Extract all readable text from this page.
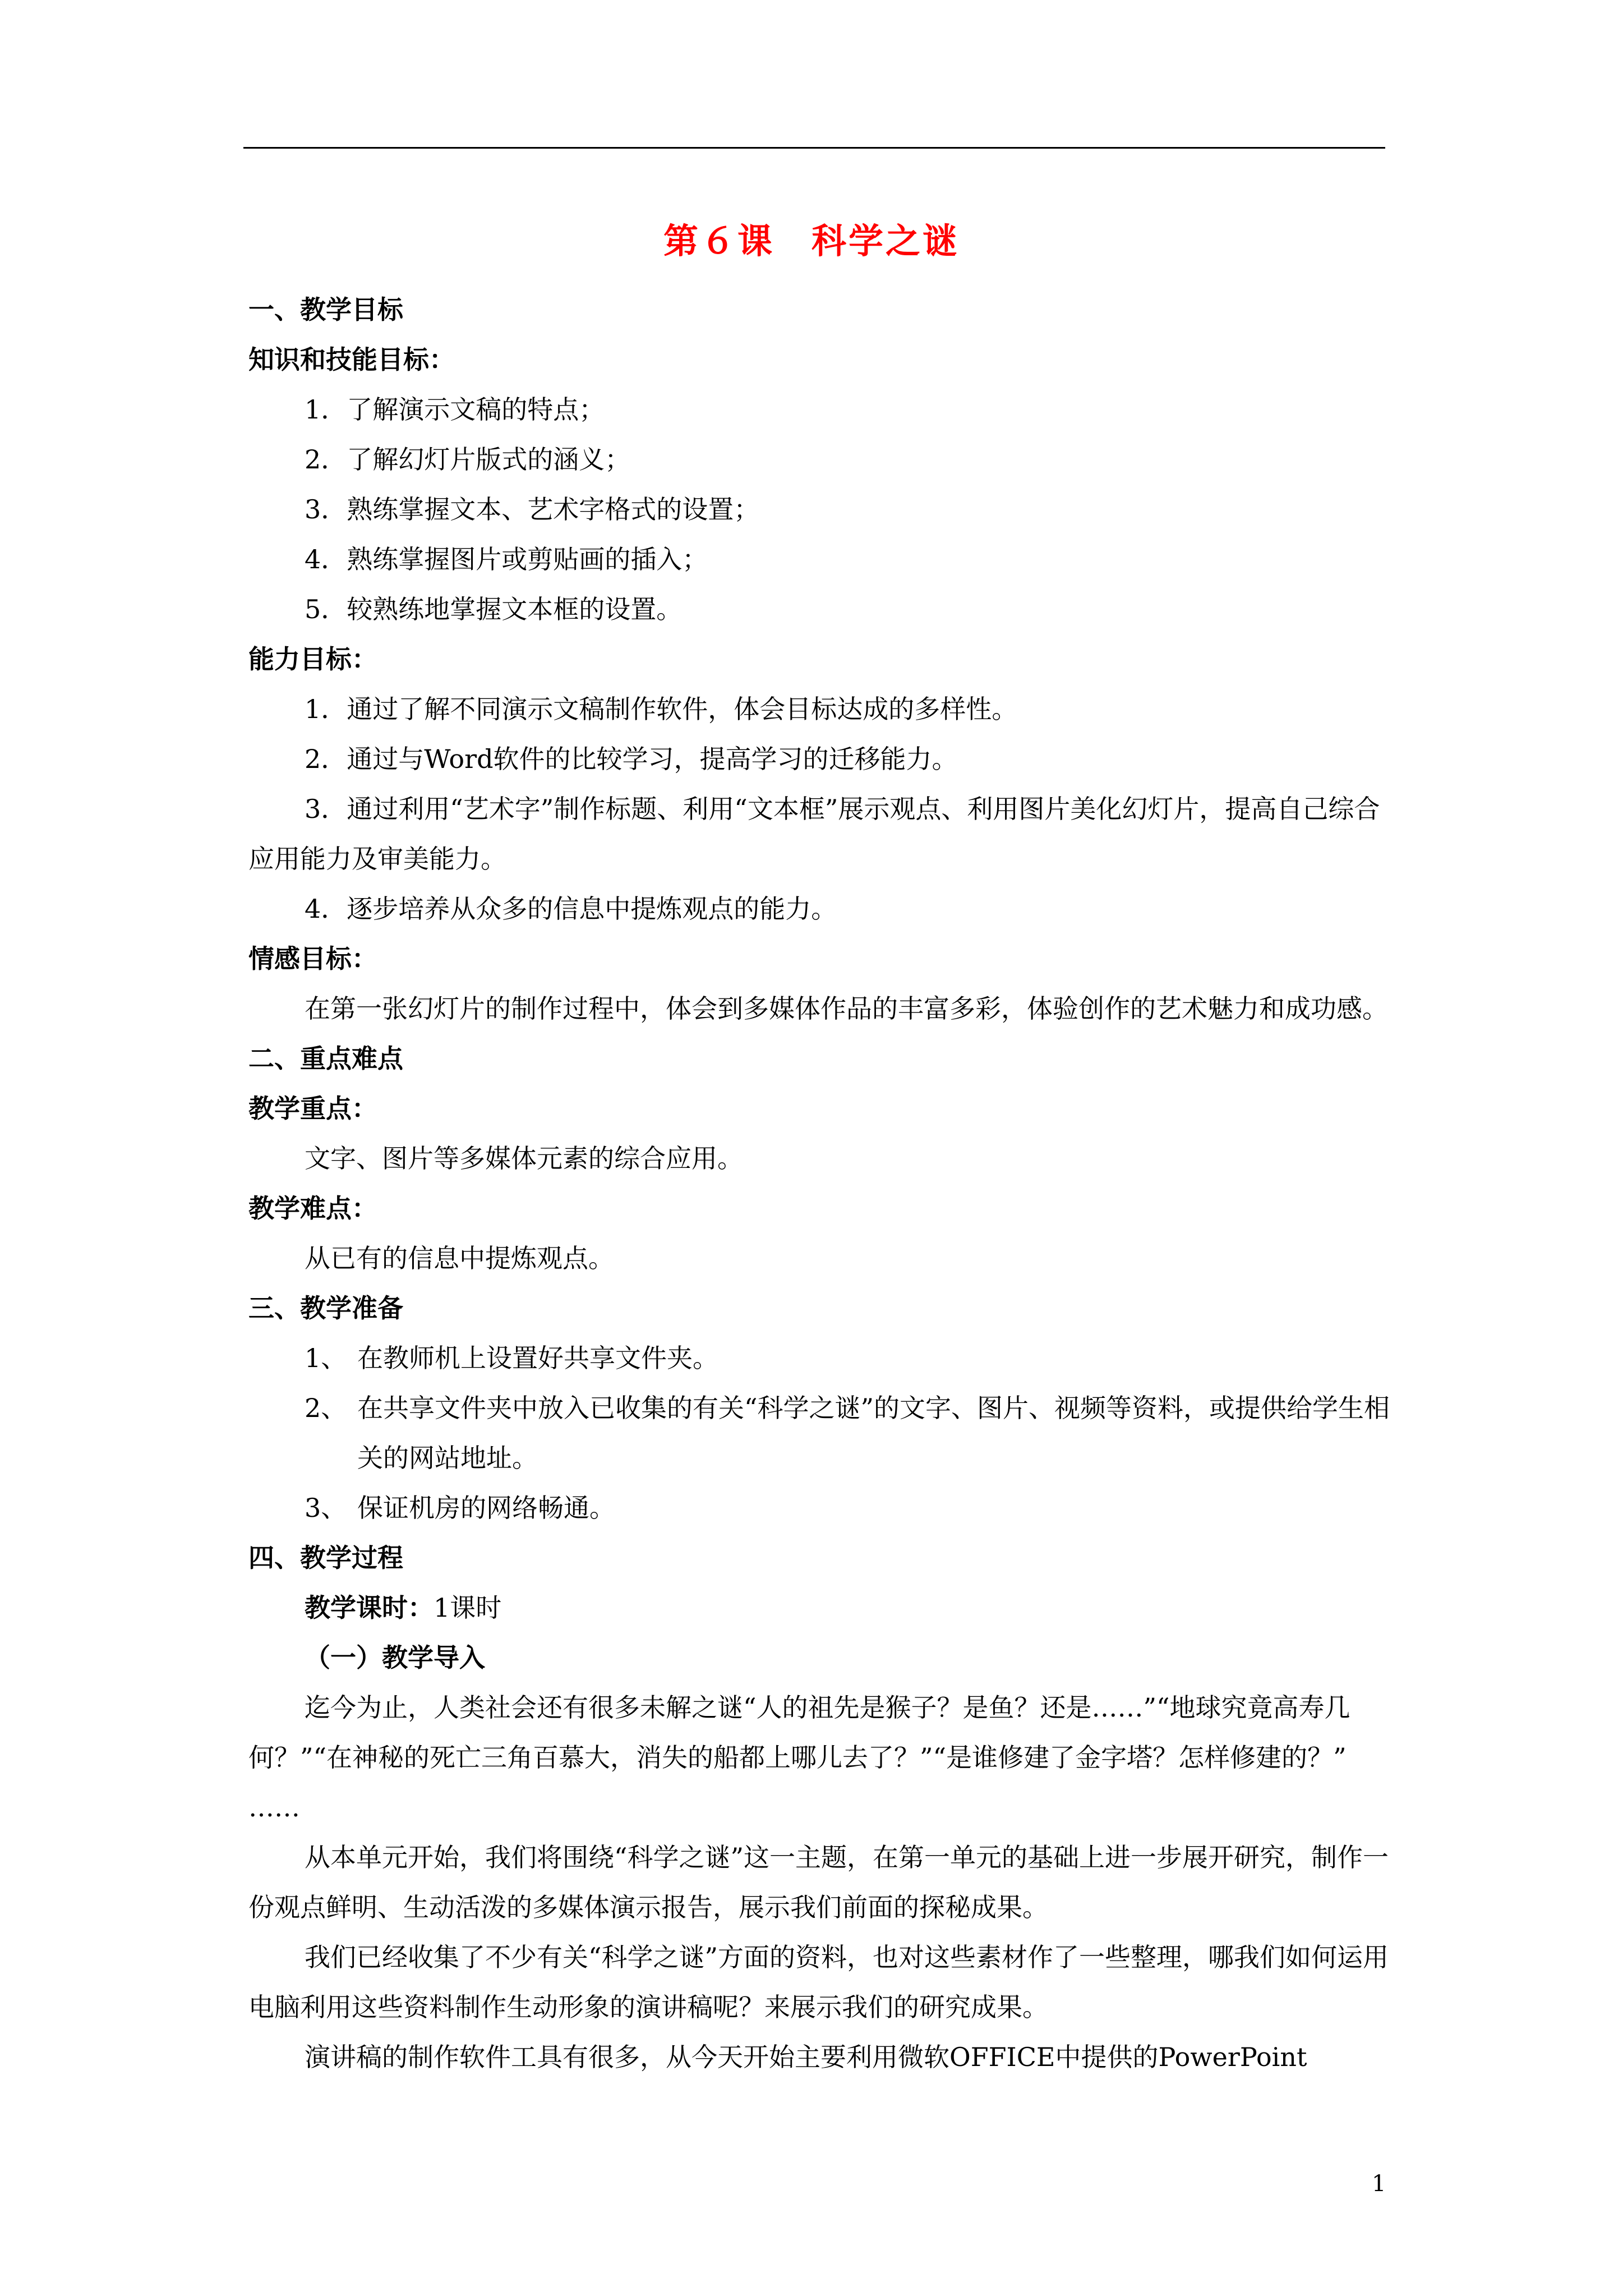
第６课　科学之谜
一、教学目标
知识和技能目标：
1．了解演示文稿的特点；
2．了解幻灯片版式的涵义；
3．熟练掌握文本、艺术字格式的设置；
4．熟练掌握图片或剪贴画的插入；
5．较熟练地掌握文本框的设置。
能力目标：
1．通过了解不同演示文稿制作软件，体会目标达成的多样性。
2．通过与Word软件的比较学习，提高学习的迁移能力。
3．通过利用“艺术字”制作标题、利用“文本框”展示观点、利用图片美化幻灯片，提高自己综合应用能力及审美能力。
4．逐步培养从众多的信息中提炼观点的能力。
情感目标：
在第一张幻灯片的制作过程中，体会到多媒体作品的丰富多彩，体验创作的艺术魅力和成功感。
二、重点难点
教学重点：
文字、图片等多媒体元素的综合应用。
教学难点：
从已有的信息中提炼观点。
三、教学准备
1、 在教师机上设置好共享文件夹。
2、 在共享文件夹中放入已收集的有关“科学之谜”的文字、图片、视频等资料，或提供给学生相关的网站地址。
3、 保证机房的网络畅通。
四、教学过程
教学课时：1课时
（一）教学导入
迄今为止，人类社会还有很多未解之谜“人的祖先是猴子？是鱼？还是……”“地球究竟高寿几何？”“在神秘的死亡三角百慕大，消失的船都上哪儿去了？”“是谁修建了金字塔？怎样修建的？” ……
从本单元开始，我们将围绕“科学之谜”这一主题，在第一单元的基础上进一步展开研究，制作一份观点鲜明、生动活泼的多媒体演示报告，展示我们前面的探秘成果。
我们已经收集了不少有关“科学之谜”方面的资料，也对这些素材作了一些整理，哪我们如何运用电脑利用这些资料制作生动形象的演讲稿呢？来展示我们的研究成果。
演讲稿的制作软件工具有很多，从今天开始主要利用微软OFFICE中提供的PowerPoint
1
